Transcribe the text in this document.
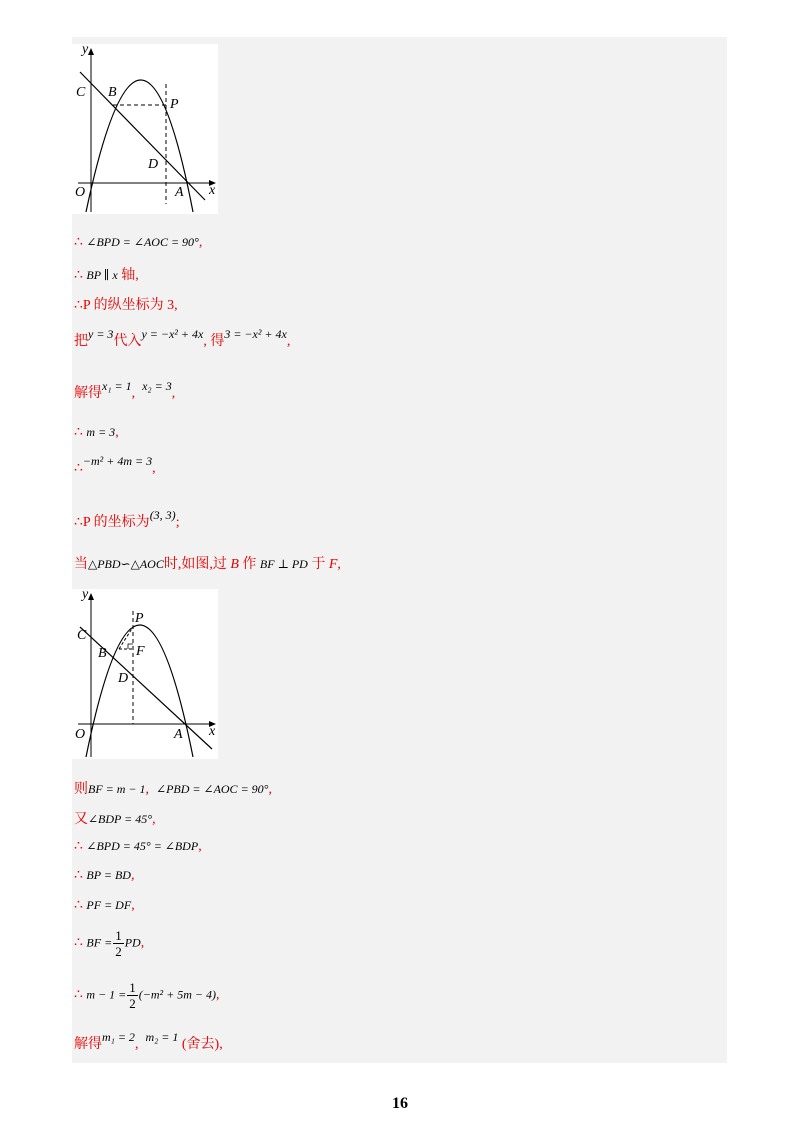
y
C B
P
D
O	A x
∴ ∠BPD = ∠AOC = 90°,
∴ BP ∥ x 轴,
∴P 的纵坐标为 3,
把y = 3代入y = −x² + 4x, 得3 = −x² + 4x,
解得x₁ = 1, x₂ = 3,
∴ m = 3,
∴−m² + 4m = 3,
∴P 的坐标为(3, 3);
当△PBD∽△AOC时,如图,过 B 作 BF ⊥ PD 于 F,
y
C
B
P
F
D
O	A x
则BF = m − 1, ∠PBD = ∠AOC = 90°,
又∠BDP = 45°,
∴ ∠BPD = 45° = ∠BDP,
∴ BP = BD,
∴ PF = DF,
∴ BF = $\frac{1}{2}$ PD,
∴ $m - 1 = \frac{1}{2} (-m^2 + 5m - 4)$,
解得m₁ = 2, m₂ = 1 (舍去),
16
